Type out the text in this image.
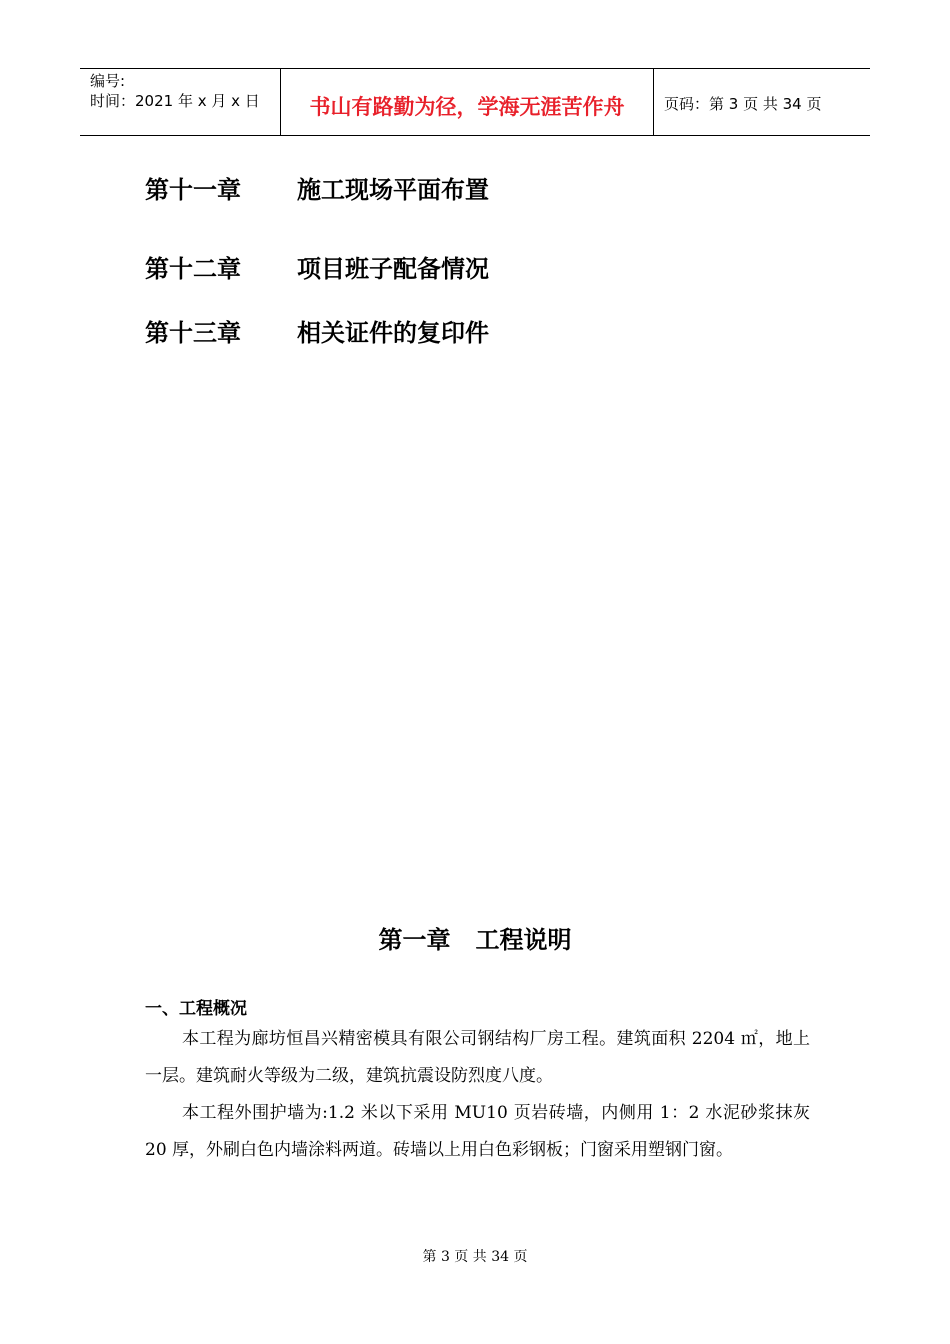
编号:
时间：2021 年 x 月 x 日	书山有路勤为径，学海无涯苦作舟	页码：第 3 页 共 34 页
第十一章 施工现场平面布置
第十二章 项目班子配备情况
第十三章 相关证件的复印件
第一章   工程说明
一、工程概况
本工程为廊坊恒昌兴精密模具有限公司钢结构厂房工程。建筑面积 2204 ㎡，地上一层。建筑耐火等级为二级，建筑抗震设防烈度八度。
本工程外围护墙为:1.2 米以下采用 MU10 页岩砖墙，内侧用 1：2 水泥砂浆抹灰 20 厚，外刷白色内墙涂料两道。砖墙以上用白色彩钢板；门窗采用塑钢门窗。
第 3 页 共 34 页
